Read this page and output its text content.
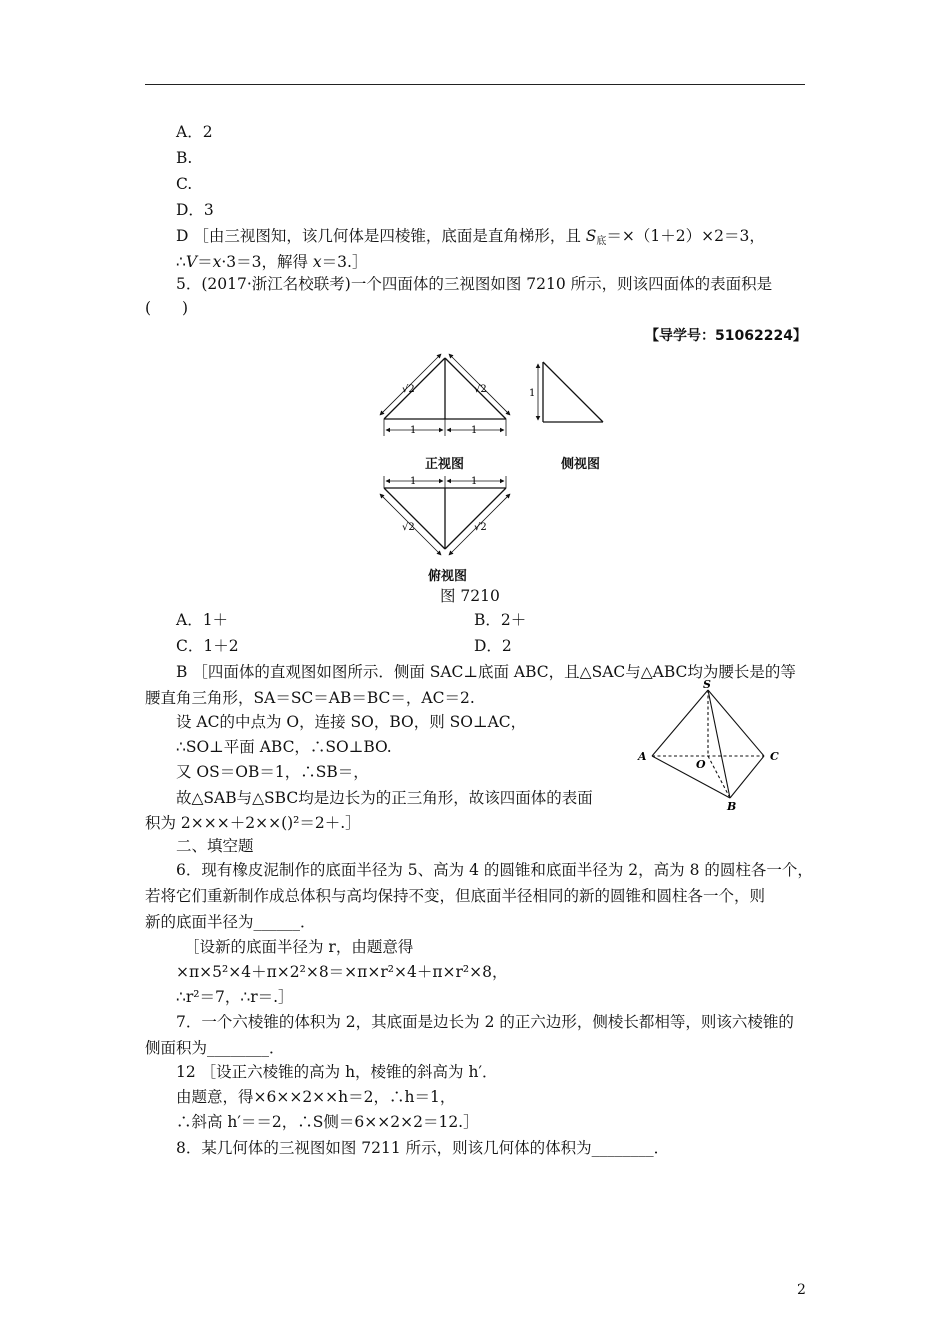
A．2
B.
C.
D．3
D ［由三视图知，该几何体是四棱锥，底面是直角梯形，且 $S_底=\times(1+2)\times 2=3$，
∴V＝x·3＝3，解得 x＝3.］
5．(2017·浙江名校联考)一个四面体的三视图如图 7210 所示，则该四面体的表面积是
(　　)
【导学号：51062224】
1	1
√2	√2	1
1	1
√2	√2
正视图	侧视图
俯视图
图 7210
A．1＋	B．2＋
C．1＋2	D．2
B ［四面体的直观图如图所示．侧面 SAC⊥底面 ABC，且△SAC与△ABC均为腰长是的等
腰直角三角形，SA＝SC＝AB＝BC＝，AC＝2.
设 AC的中点为 O，连接 SO，BO，则 SO⊥AC，
∴SO⊥平面 ABC，∴SO⊥BO.
又 OS＝OB＝1，∴SB＝，
故△SAB与△SBC均是边长为的正三角形，故该四面体的表面
积为 2×××＋2××()²＝2＋.］
S
A
O
C
B
二、填空题
6．现有橡皮泥制作的底面半径为 5、高为 4 的圆锥和底面半径为 2，高为 8 的圆柱各一个，
若将它们重新制作成总体积与高均保持不变，但底面半径相同的新的圆锥和圆柱各一个，则
新的底面半径为______．
［设新的底面半径为 r，由题意得
×π×5²×4＋π×2²×8＝×π×r²×4＋π×r²×8，
∴r²＝7，∴r＝.］
7．一个六棱锥的体积为 2，其底面是边长为 2 的正六边形，侧棱长都相等，则该六棱锥的
侧面积为________．
12 ［设正六棱锥的高为 h，棱锥的斜高为 h′．
由题意，得×6××2××h＝2，∴h＝1，
∴斜高 h′＝＝2，∴S侧＝6××2×2＝12.］
8．某几何体的三视图如图 7211 所示，则该几何体的体积为________．
2
